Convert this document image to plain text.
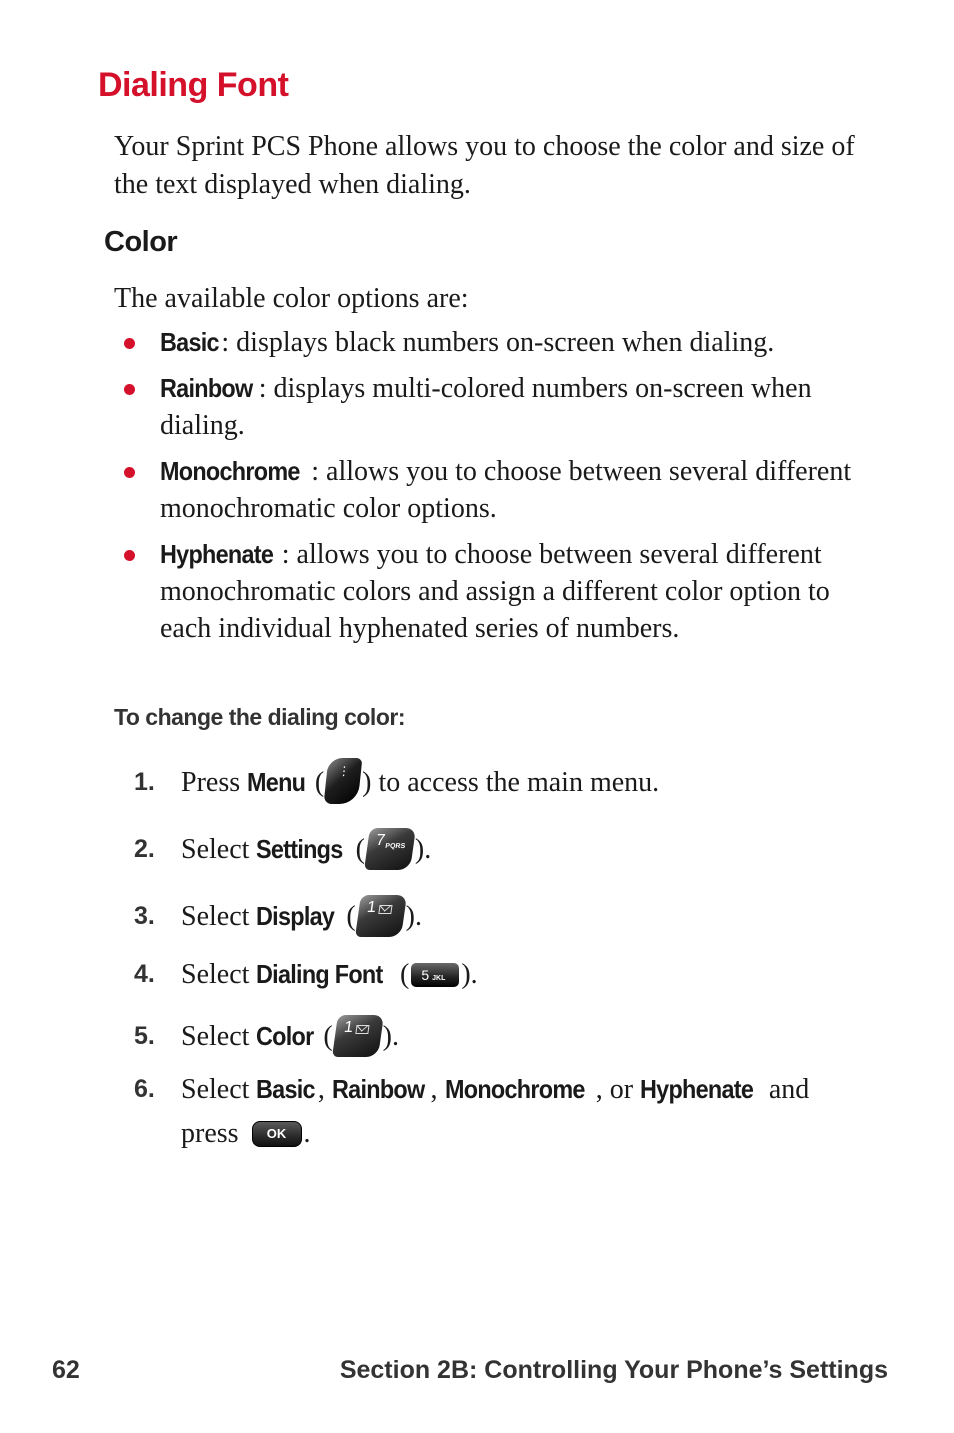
Dialing Font

Your Sprint PCS Phone allows you to choose the color and size of the text displayed when dialing.

Color

The available color options are:

Basic: displays black numbers on-screen when dialing.
Rainbow : displays multi-colored numbers on-screen when dialing.
Monochrome : allows you to choose between several different monochromatic color options.
Hyphenate : allows you to choose between several different monochromatic colors and assign a different color option to each individual hyphenated series of numbers.

To change the dialing color:

1. Press Menu ( ⋮ ) to access the main menu.
2. Select Settings ( 7PQRS ).
3. Select Display ( 1 ).
4. Select Dialing Font ( 5 JKL ).
5. Select Color ( 1 ).
6. Select Basic, Rainbow , Monochrome , or Hyphenate and
press OK .

62	Section 2B: Controlling Your Phone’s Settings
